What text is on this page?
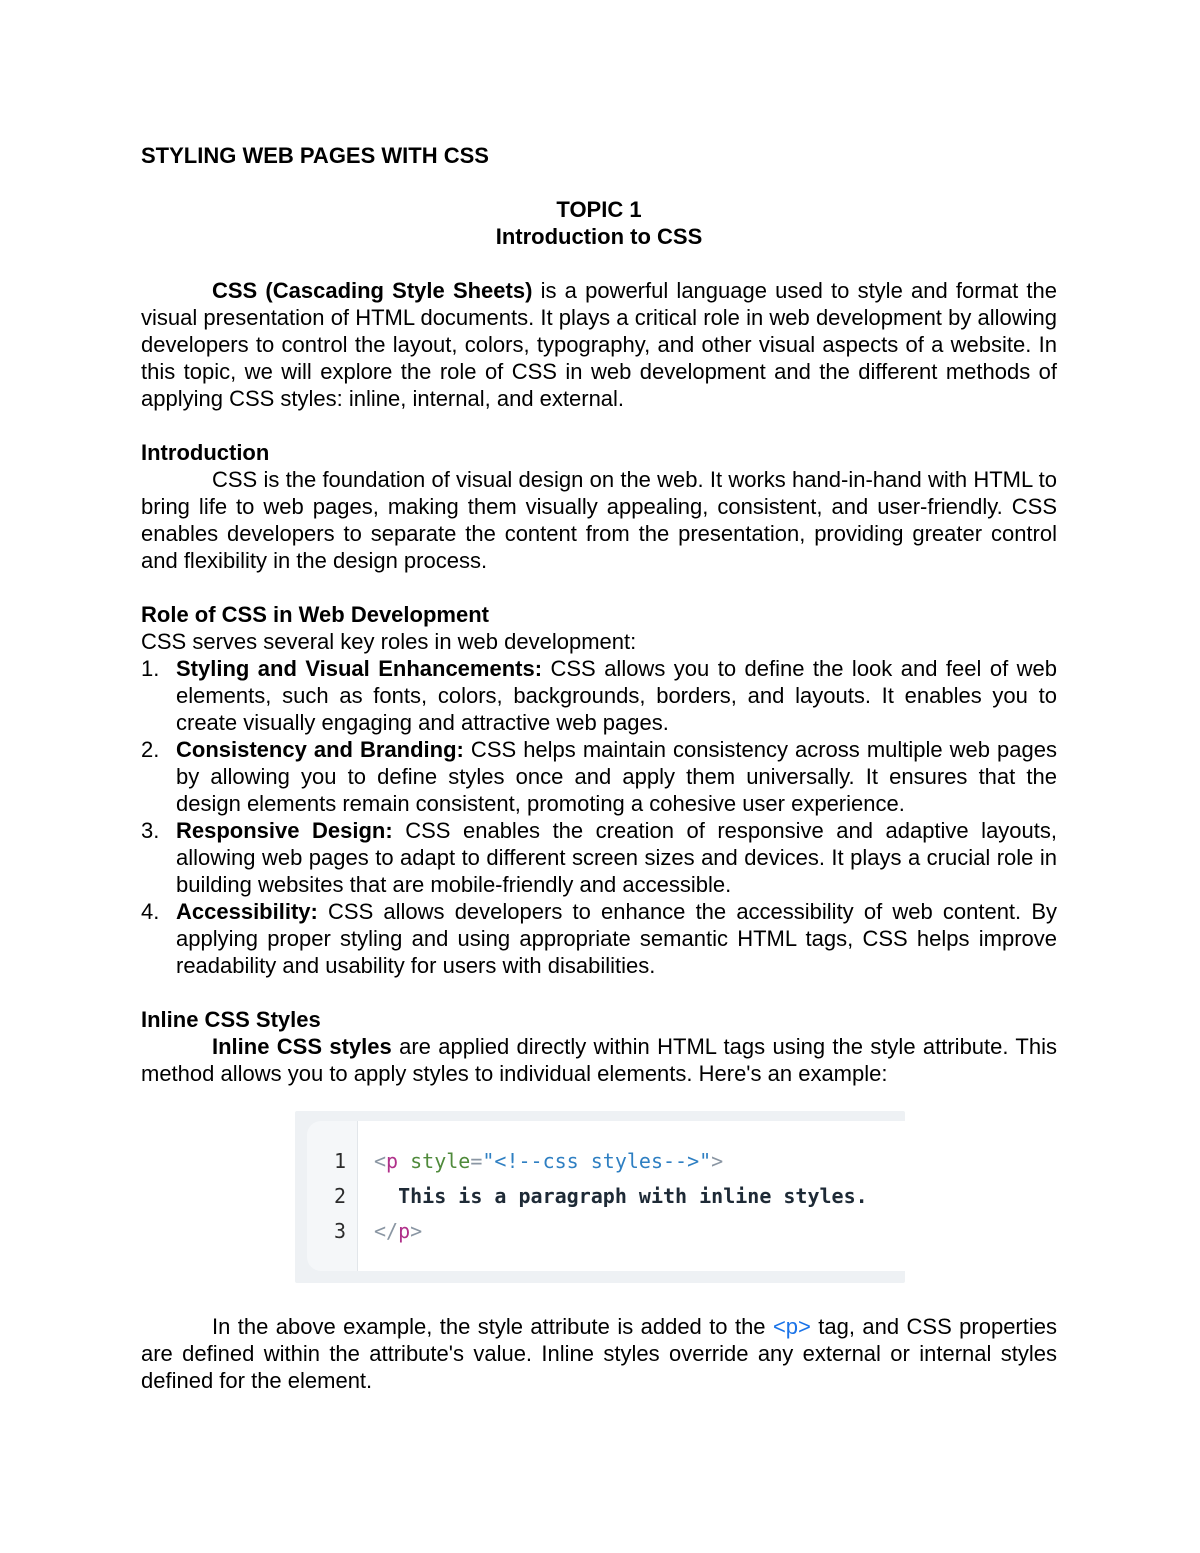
STYLING WEB PAGES WITH CSS
TOPIC 1
Introduction to CSS

CSS (Cascading Style Sheets) is a powerful language used to style and format the visual presentation of HTML documents. It plays a critical role in web development by allowing developers to control the layout, colors, typography, and other visual aspects of a website. In this topic, we will explore the role of CSS in web development and the different methods of applying CSS styles: inline, internal, and external.

Introduction

CSS is the foundation of visual design on the web. It works hand-in-hand with HTML to bring life to web pages, making them visually appealing, consistent, and user-friendly. CSS enables developers to separate the content from the presentation, providing greater control and flexibility in the design process.

Role of CSS in Web Development

CSS serves several key roles in web development:

1. Styling and Visual Enhancements: CSS allows you to define the look and feel of web elements, such as fonts, colors, backgrounds, borders, and layouts. It enables you to create visually engaging and attractive web pages.
2. Consistency and Branding: CSS helps maintain consistency across multiple web pages by allowing you to define styles once and apply them universally. It ensures that the design elements remain consistent, promoting a cohesive user experience.
3. Responsive Design: CSS enables the creation of responsive and adaptive layouts, allowing web pages to adapt to different screen sizes and devices. It plays a crucial role in building websites that are mobile-friendly and accessible.
4. Accessibility: CSS allows developers to enhance the accessibility of web content. By applying proper styling and using appropriate semantic HTML tags, CSS helps improve readability and usability for users with disabilities.
Inline CSS Styles

Inline CSS styles are applied directly within HTML tags using the style attribute. This method allows you to apply styles to individual elements. Here's an example:

1
2
3
<p style="<!--css styles-->">
This is a paragraph with inline styles.
</p>

In the above example, the style attribute is added to the <p> tag, and CSS properties are defined within the attribute's value. Inline styles override any external or internal styles defined for the element.
